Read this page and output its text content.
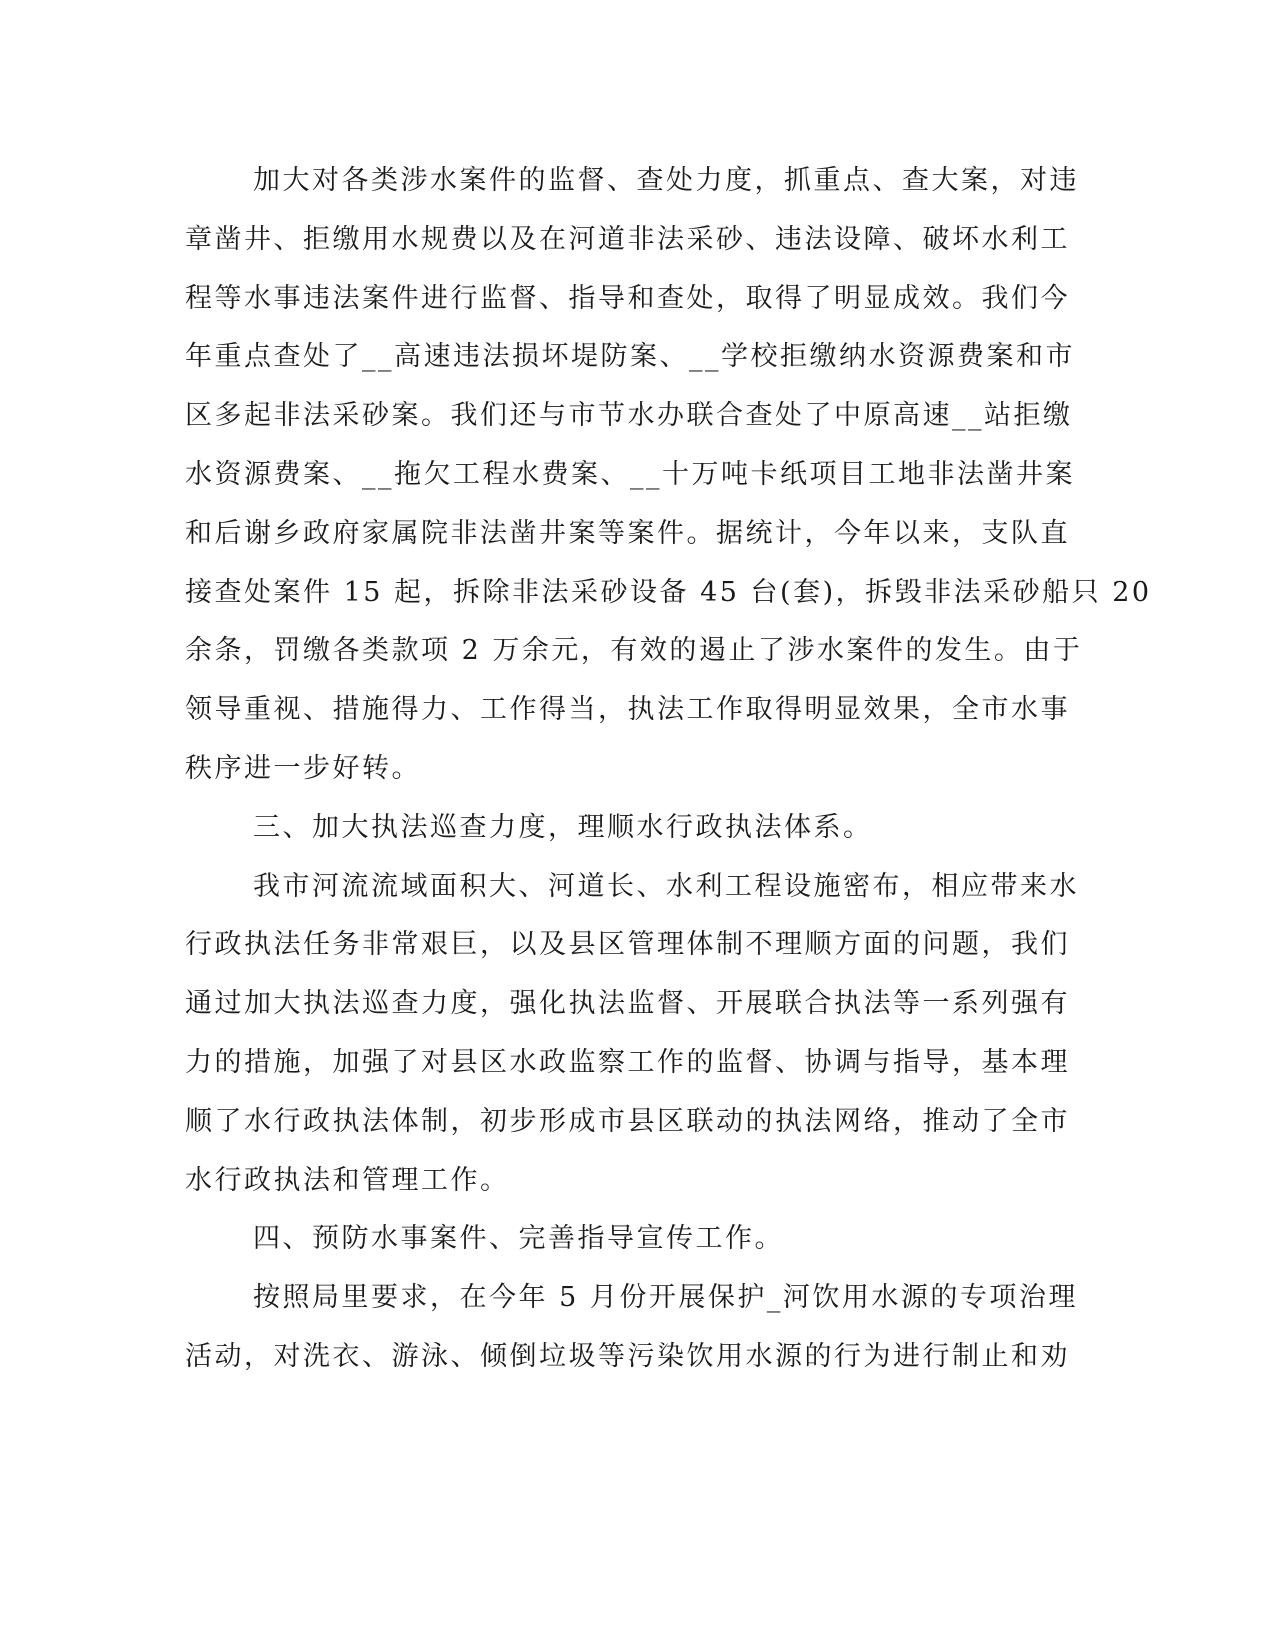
加大对各类涉水案件的监督、查处力度，抓重点、查大案，对违
章凿井、拒缴用水规费以及在河道非法采砂、违法设障、破坏水利工
程等水事违法案件进行监督、指导和查处，取得了明显成效。我们今
年重点查处了__高速违法损坏堤防案、__学校拒缴纳水资源费案和市
区多起非法采砂案。我们还与市节水办联合查处了中原高速__站拒缴
水资源费案、__拖欠工程水费案、__十万吨卡纸项目工地非法凿井案
和后谢乡政府家属院非法凿井案等案件。据统计，今年以来，支队直
接查处案件 15 起，拆除非法采砂设备 45 台(套)，拆毁非法采砂船只 20
余条，罚缴各类款项 2 万余元，有效的遏止了涉水案件的发生。由于
领导重视、措施得力、工作得当，执法工作取得明显效果，全市水事
秩序进一步好转。
三、加大执法巡查力度，理顺水行政执法体系。
我市河流流域面积大、河道长、水利工程设施密布，相应带来水
行政执法任务非常艰巨，以及县区管理体制不理顺方面的问题，我们
通过加大执法巡查力度，强化执法监督、开展联合执法等一系列强有
力的措施，加强了对县区水政监察工作的监督、协调与指导，基本理
顺了水行政执法体制，初步形成市县区联动的执法网络，推动了全市
水行政执法和管理工作。
四、预防水事案件、完善指导宣传工作。
按照局里要求，在今年 5 月份开展保护_河饮用水源的专项治理
活动，对洗衣、游泳、倾倒垃圾等污染饮用水源的行为进行制止和劝
